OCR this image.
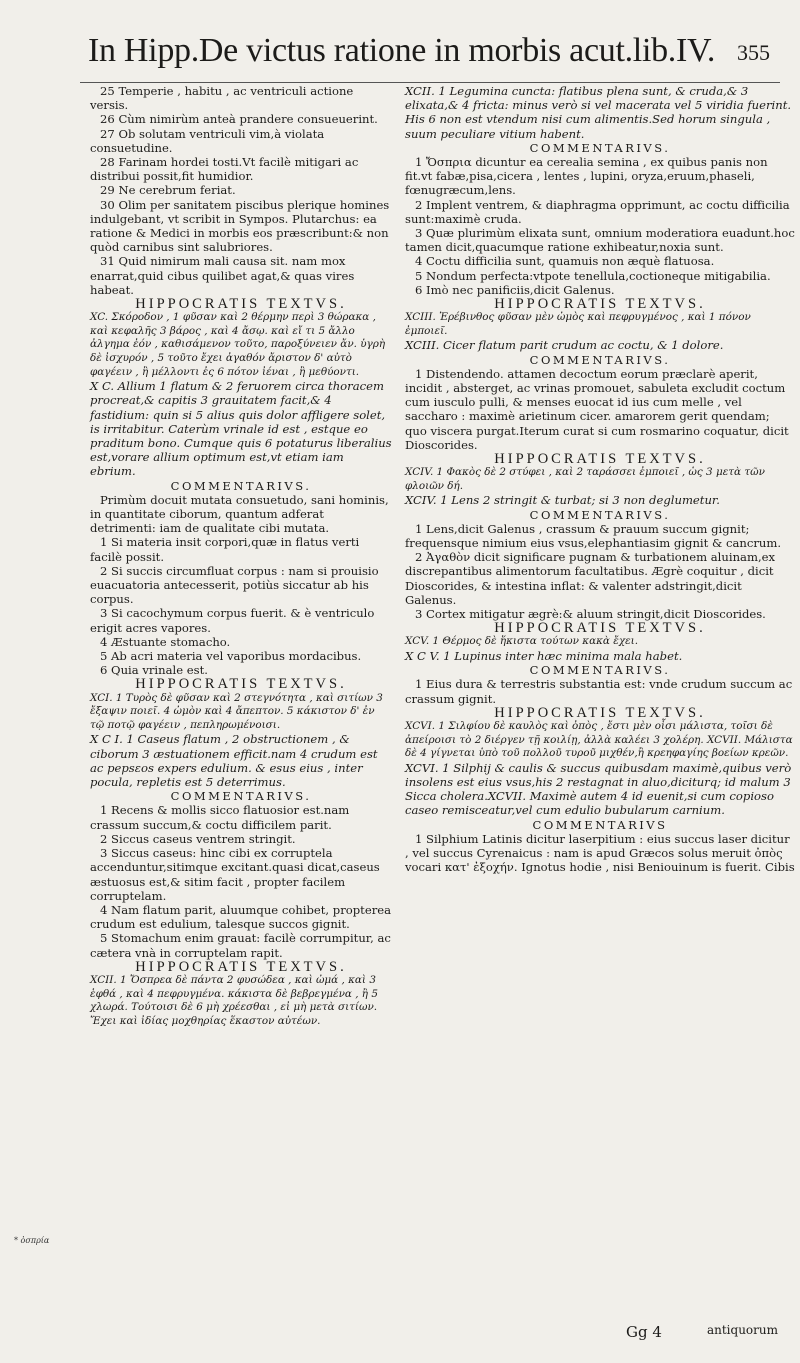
In Hipp.De victus ratione in morbis acut.lib.IV. 355

25 Temperie , habitu , ac ventriculi actione versis.

26 Cùm nimirùm anteà prandere consueuerint.

27 Ob solutam ventriculi vim,à violata consuetudine.

28 Farinam hordei tosti.Vt facilè mitigari ac distribui possit,fit humidior.

29 Ne cerebrum feriat.

30 Olim per sanitatem piscibus plerique homines indulgebant, vt scribit in Sympos. Plutarchus: ea ratione & Medici in morbis eos præscribunt:& non quòd carnibus sint salubriores.

31 Quid nimirum mali causa sit. nam mox enarrat,quid cibus quilibet agat,& quas vires habeat.

HIPPOCRATIS TEXTVS.

XC. Σκόροδον , 1 φῦσαν καὶ 2 θέρμην περὶ 3 θώρακα , καὶ κεφαλῆς 3 βάρος , καὶ 4 ἄσῳ. καὶ εἴ τι 5 ἄλλο ἀλγημα ἐόν , καθισάμενον τοῦτο, παροξύνειεν ἄν. ὑγρὴ δὲ ἰσχυρόν , 5 τοῦτο ἔχει ἀγαθόν ἄριστον δ' αὐτὸ φαγέειν , ἢ μέλλοντι ἐς 6 πότον ἰέναι , ἢ μεθύοντι.

X C. Allium 1 flatum & 2 feruorem circa thoracem procreat,& capitis 3 grauitatem facit,& 4 fastidium: quin si 5 alius quis dolor affligere solet, is irritabitur. Caterùm vrinale id est , estque eo praditum bono. Cumque quis 6 potaturus liberalius est,vorare allium optimum est,vt etiam iam ebrium.

COMMENTARIVS.

Primùm docuit mutata consuetudo, sani hominis, in quantitate ciborum, quantum adferat detrimenti: iam de qualitate cibi mutata.

1 Si materia insit corpori,quæ in flatus verti facilè possit.

2 Si succis circumfluat corpus : nam si prouisio euacuatoria antecesserit, potiùs siccatur ab his corpus.

3 Si cacochymum corpus fuerit. & è ventriculo erigit acres vapores.

4 Æstuante stomacho.

5 Ab acri materia vel vaporibus mordacibus.

6 Quia vrinale est.

HIPPOCRATIS TEXTVS.

XCI. 1 Τυρὸς δὲ φῦσαν καὶ 2 στεγνότητα , καὶ σιτίων 3 ἔξαψιν ποιεῖ. 4 ὠμὸν καὶ 4 ἄπεπτον. 5 κάκιστον δ' ἐν τῷ ποτῷ φαγέειν , πεπληρωμένοισι.

X C I. 1 Caseus flatum , 2 obstructionem , & ciborum 3 æstuationem efficit.nam 4 crudum est ac pepsεos expers edulium. & esus eius , inter pocula, repletis est 5 deterrimus.

COMMENTARIVS.

1 Recens & mollis sicco flatuosior est.nam crassum succum,& coctu difficilem parit.

2 Siccus caseus ventrem stringit.

3 Siccus caseus: hinc cibi ex corruptela accenduntur,sitimque excitant.quasi dicat,caseus æstuosus est,& sitim facit , propter facilem corruptelam.

4 Nam flatum parit, aluumque cohibet, propterea crudum est edulium, talesque succos gignit.

5 Stomachum enim grauat: facilè corrumpitur, ac cætera vnà in corruptelam rapit.

HIPPOCRATIS TEXTVS.

XCII. 1 Ὄσπρεα δὲ πάντα 2 φυσώδεα , καὶ ὠμά , καὶ 3 ἑφθά , καὶ 4 πεφρυγμένα. κάκιστα δὲ βεβρεγμένα , ἢ 5 χλωρά. Τούτοισι δὲ 6 μὴ χρέεσθαι , εἰ μὴ μετὰ σιτίων. Ἔχει καὶ ἰδίας μοχθηρίας ἕκαστον αὐτέων.

XCII. 1 Legumina cuncta: flatibus plena sunt, & cruda,& 3 elixata,& 4 fricta: minus verò si vel macerata vel 5 viridia fuerint. His 6 non est vtendum nisi cum alimentis.Sed horum singula , suum peculiare vitium habent.

COMMENTARIVS.

1 Ὄσπρια dicuntur ea cerealia semina , ex quibus panis non fit.vt fabæ,pisa,cicera , lentes , lupini, oryza,eruum,phaseli, fœnugræcum,lens.

2 Implent ventrem, & diaphragma opprimunt, ac coctu difficilia sunt:maximè cruda.

3 Quæ plurimùm elixata sunt, omnium moderatiora euadunt.hoc tamen dicit,quacumque ratione exhibeatur,noxia sunt.

4 Coctu difficilia sunt, quamuis non æquè flatuosa.

5 Nondum perfecta:vtpote tenellula,coctioneque mitigabilia.

6 Imò nec panificiis,dicit Galenus.

HIPPOCRATIS TEXTVS.

XCIII. Ἐρέβινθος φῦσαν μὲν ὠμὸς καὶ πεφρυγμένος , καὶ 1 πόνον ἐμποιεῖ.

XCIII. Cicer flatum parit crudum ac coctu, & 1 dolore.

COMMENTARIVS.

1 Distendendo. attamen decoctum eorum præclarè aperit, incidit , absterget, ac vrinas promouet, sabuleta excludit coctum cum iusculo pulli, & menses euocat id ius cum melle , vel saccharo : maximè arietinum cicer. amarorem gerit quendam; quo viscera purgat.Iterum curat si cum rosmarino coquatur, dicit Dioscorides.

HIPPOCRATIS TEXTVS.

XCIV. 1 Φακὸς δὲ 2 στύφει , καὶ 2 ταράσσει ἐμποιεῖ , ὡς 3 μετὰ τῶν φλοιῶν δή.

XCIV. 1 Lens 2 stringit & turbat; si 3 non deglumetur.

COMMENTARIVS.

1 Lens,dicit Galenus , crassum & prauum succum gignit; frequensque nimium eius vsus,elephantiasim gignit & cancrum.

2 Ἀγαθὸν dicit significare pugnam & turbationem aluinam,ex discrepantibus alimentorum facultatibus. Ægrè coquitur , dicit Dioscorides, & intestina inflat: & valenter adstringit,dicit Galenus.

3 Cortex mitigatur ægrè:& aluum stringit,dicit Dioscorides.

HIPPOCRATIS TEXTVS.

XCV. 1 Θέρμος δὲ ἥκιστα τούτων κακὰ ἔχει.

X C V. 1 Lupinus inter hæc minima mala habet.

COMMENTARIVS.

1 Eius dura & terrestris substantia est: vnde crudum succum ac crassum gignit.

HIPPOCRATIS TEXTVS.

XCVI. 1 Σιλφίου δὲ καυλὸς καὶ ὀπὸς , ἔστι μὲν οἷσι μάλιστα, τοῖσι δὲ ἀπείροισι τὸ 2 διέργεν τῇ κοιλίῃ, ἀλλὰ καλέει 3 χολέρη. XCVII. Μάλιστα δὲ 4 γίγνεται ὑπὸ τοῦ πολλοῦ τυροῦ μιχθέν,ἢ κρεηφαγίης βοείων κρεῶν.

XCVI. 1 Silphij & caulis & succus quibusdam maximè,quibus verò insolens est eius vsus,his 2 restagnat in aluo,diciturq; id malum 3 Sicca cholera.XCVII. Maximè autem 4 id euenit,si cum copioso caseo remisceatur,vel cum edulio bubularum carnium.

COMMENTARIVS

1 Silphium Latinis dicitur laserpitium : eius succus laser dicitur , vel succus Cyrenaicus : nam is apud Græcos solus meruit ὀπὸς vocari κατ' ἐξοχήν. Ignotus hodie , nisi Beniouinum is fuerit. Cibis

* ὀσπρία
Gg 4	antiquorum
